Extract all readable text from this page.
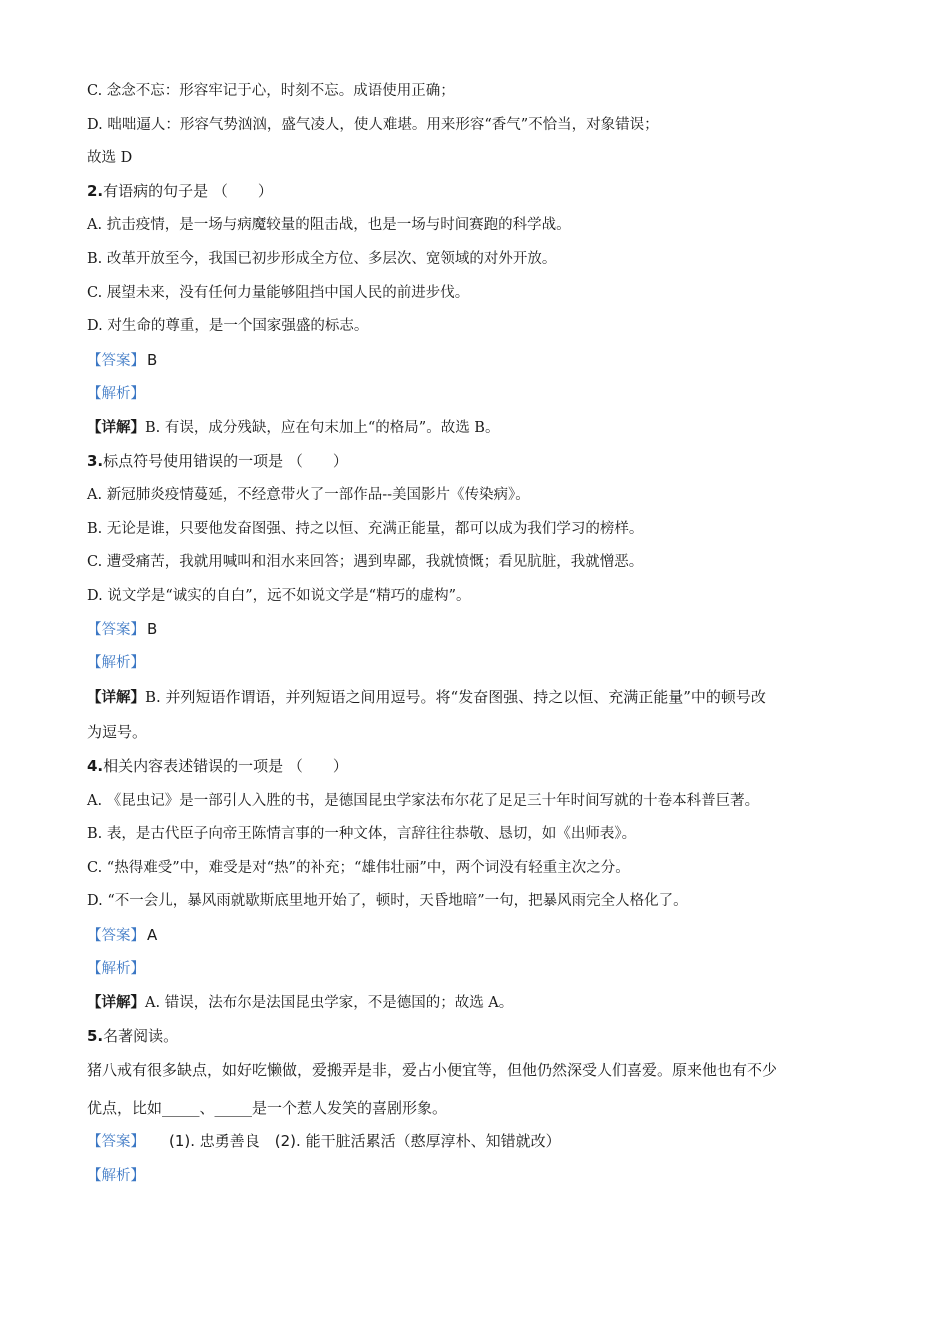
C. 念念不忘：形容牢记于心，时刻不忘。成语使用正确；
D. 咄咄逼人：形容气势汹汹，盛气凌人，使人难堪。用来形容“香气”不恰当，对象错误；
故选 D
2.有语病的句子是 （　　）
A. 抗击疫情，是一场与病魔较量的阻击战，也是一场与时间赛跑的科学战。
B. 改革开放至今，我国已初步形成全方位、多层次、宽领域的对外开放。
C. 展望未来，没有任何力量能够阻挡中国人民的前进步伐。
D. 对生命的尊重，是一个国家强盛的标志。
【答案】 B
【解析】
【详解】B. 有误，成分残缺，应在句末加上“的格局”。故选 B。
3.标点符号使用错误的一项是 （　　）
A. 新冠肺炎疫情蔓延，不经意带火了一部作品--美国影片《传染病》。
B. 无论是谁，只要他发奋图强、持之以恒、充满正能量，都可以成为我们学习的榜样。
C. 遭受痛苦，我就用喊叫和泪水来回答；遇到卑鄙，我就愤慨；看见肮脏，我就憎恶。
D. 说文学是“诚实的自白”，远不如说文学是“精巧的虚构”。
【答案】 B
【解析】
【详解】B. 并列短语作谓语，并列短语之间用逗号。将“发奋图强、持之以恒、充满正能量”中的顿号改
为逗号。
4.相关内容表述错误的一项是 （　　）
A. 《昆虫记》是一部引人入胜的书，是德国昆虫学家法布尔花了足足三十年时间写就的十卷本科普巨著。
B. 表，是古代臣子向帝王陈情言事的一种文体，言辞往往恭敬、恳切，如《出师表》。
C. “热得难受”中，难受是对“热”的补充；“雄伟壮丽”中，两个词没有轻重主次之分。
D. “不一会儿，暴风雨就歇斯底里地开始了，顿时，天昏地暗”一句，把暴风雨完全人格化了。
【答案】 A
【解析】
【详解】A. 错误，法布尔是法国昆虫学家，不是德国的；故选 A。
5.名著阅读。
猪八戒有很多缺点，如好吃懒做，爱搬弄是非，爱占小便宜等，但他仍然深受人们喜爱。原来他也有不少
优点，比如_____、_____是一个惹人发笑的喜剧形象。
【答案】 (1). 忠勇善良　(2). 能干脏活累活（憨厚淳朴、知错就改）
【解析】
